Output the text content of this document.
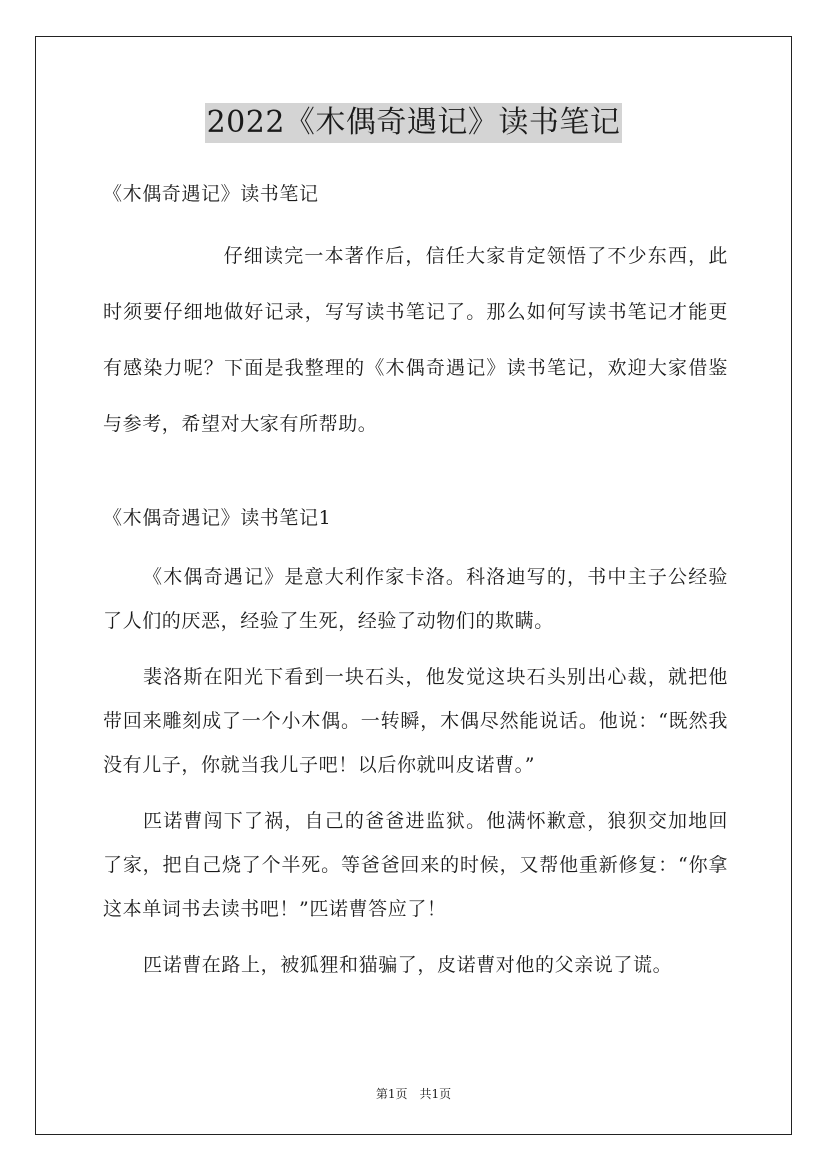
2022《木偶奇遇记》读书笔记
《木偶奇遇记》读书笔记
仔细读完一本著作后，信任大家肯定领悟了不少东西，此时须要仔细地做好记录，写写读书笔记了。那么如何写读书笔记才能更有感染力呢？下面是我整理的《木偶奇遇记》读书笔记，欢迎大家借鉴与参考，希望对大家有所帮助。
《木偶奇遇记》读书笔记1

《木偶奇遇记》是意大利作家卡洛。科洛迪写的，书中主子公经验了人们的厌恶，经验了生死，经验了动物们的欺瞒。

裴洛斯在阳光下看到一块石头，他发觉这块石头别出心裁，就把他带回来雕刻成了一个小木偶。一转瞬，木偶尽然能说话。他说：“既然我没有儿子，你就当我儿子吧！以后你就叫皮诺曹。”

匹诺曹闯下了祸，自己的爸爸进监狱。他满怀歉意，狼狈交加地回了家，把自己烧了个半死。等爸爸回来的时候，又帮他重新修复：“你拿这本单词书去读书吧！”匹诺曹答应了！

匹诺曹在路上，被狐狸和猫骗了，皮诺曹对他的父亲说了谎。

第1页　共1页
